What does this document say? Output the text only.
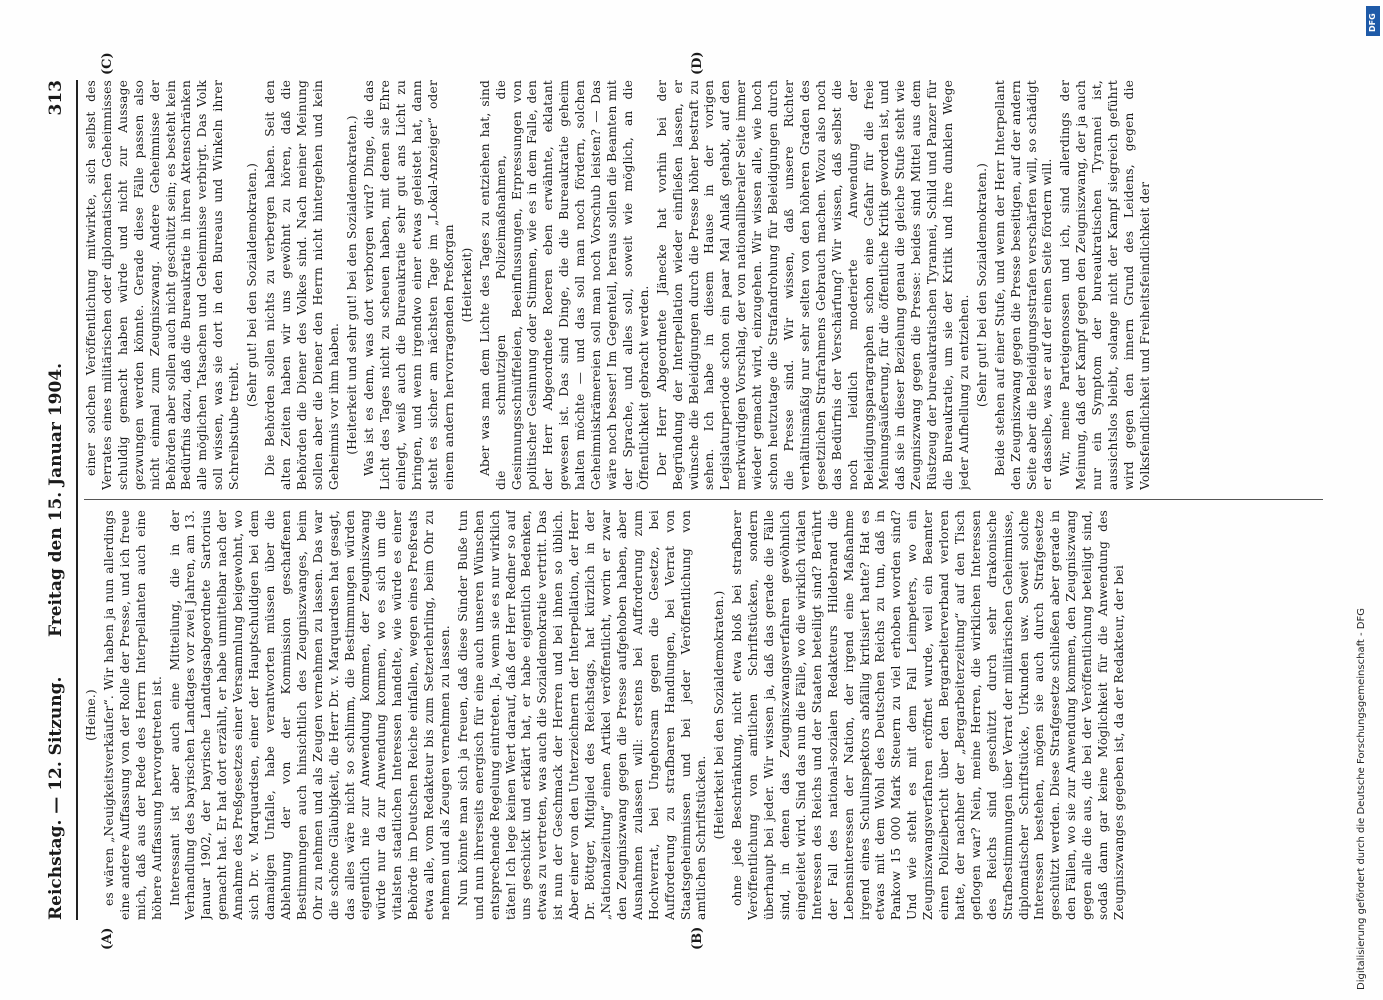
Reichstag. — 12. Sitzung.
Freitag den 15. Januar 1904.
313
(A)	(B)
(C)	(D)

(Heine.) es wären „Neuigkeitsverkäufer“. Wir haben ja nun allerdings eine andere Auffassung von der Rolle der Presse, und ich freue mich, daß aus der Rede des Herrn Interpellanten auch eine höhere Auffassung hervorgetreten ist. Interessant ist aber auch eine Mitteilung, die in der Verhandlung des bayrischen Landtages vor zwei Jahren, am 13. Januar 1902, der bayrische Landtagsabgeordnete Sartorius gemacht hat. Er hat dort erzählt, er habe unmittelbar nach der Annahme des Preßgesetzes einer Versammlung beigewohnt, wo sich Dr. v. Marquardsen, einer der Hauptschuldigen bei dem damaligen Unfalle, habe verantworten müssen über die Ablehnung der von der Kommission geschaffenen Bestimmungen auch hinsichtlich des Zeugniszwanges, beim Ohr zu nehmen und als Zeugen vernehmen zu lassen. Das war die schöne Gläubigkeit, die Herr Dr. v. Marquardsen hat gesagt, das alles wäre nicht so schlimm, die Bestimmungen würden eigentlich nie zur Anwendung kommen, der Zeugniszwang würde nur da zur Anwendung kommen, wo es sich um die vitalsten staatlichen Interessen handelte, wie würde es einer Behörde im Deutschen Reiche einfallen, wegen eines Preßreats etwa alle, vom Redakteur bis zum Setzerlehrling, beim Ohr zu nehmen und als Zeugen vernehmen zu lassen. Nun könnte man sich ja freuen, daß diese Sünder Buße tun und nun ihrerseits energisch für eine auch unseren Wünschen entsprechende Regelung eintreten. Ja, wenn sie es nur wirklich täten! Ich lege keinen Wert darauf, daß der Herr Redner so auf uns geschickt und erklärt hat, er habe eigentlich Bedenken, etwas zu vertreten, was auch die Sozialdemokratie vertritt. Das ist nun der Geschmack der Herren und bei ihnen so üblich. Aber einer von den Unterzeichnern der Interpellation, der Herr Dr. Böttger, Mitglied des Reichstags, hat kürzlich in der „Nationalzeitung“ einen Artikel veröffentlicht, worin er zwar den Zeugniszwang gegen die Presse aufgehoben haben, aber Ausnahmen zulassen will: erstens bei Aufforderung zum Hochverrat, bei Ungehorsam gegen die Gesetze, bei Aufforderung zu strafbaren Handlungen, bei Verrat von Staatsgeheimnissen und bei jeder Veröffentlichung von amtlichen Schriftstücken. (Heiterkeit bei den Sozialdemokraten.) ohne jede Beschränkung, nicht etwa bloß bei strafbarer Veröffentlichung von amtlichen Schriftstücken, sondern überhaupt bei jeder. Wir wissen ja, daß das gerade die Fälle sind, in denen das Zeugniszwangsverfahren gewöhnlich eingeleitet wird. Sind das nun die Fälle, wo die wirklich vitalen Interessen des Reichs und der Staaten beteiligt sind? Berührt der Fall des national-sozialen Redakteurs Hildebrand die Lebensinteressen der Nation, der irgend eine Maßnahme irgend eines Schulinspektors abfällig kritisiert hatte? Hat es etwas mit dem Wohl des Deutschen Reichs zu tun, daß in Pankow 15 000 Mark Steuern zu viel erhoben worden sind? Und wie steht es mit dem Fall Leimpeters, wo ein Zeugniszwangsverfahren eröffnet wurde, weil ein Beamter einen Polizeibericht über den Bergarbeiterverband verloren hatte, der nachher der „Bergarbeiterzeitung“ auf den Tisch geflogen war? Nein, meine Herren, die wirklichen Interessen des Reichs sind geschützt durch sehr drakonische Strafbestimmungen über Verrat der militärischen Geheimnisse, diplomatischer Schriftstücke, Urkunden usw. Soweit solche Interessen bestehen, mögen sie auch durch Strafgesetze geschützt werden. Diese Strafgesetze schließen aber gerade in den Fällen, wo sie zur Anwendung kommen, den Zeugniszwang gegen alle die aus, die bei der Veröffentlichung beteiligt sind, sodaß dann gar keine Möglichkeit für die Anwendung des Zeugniszwanges gegeben ist, da der Redakteur, der bei

einer solchen Veröffentlichung mitwirkte, sich selbst des Verrates eines militärischen oder diplomatischen Geheimnisses schuldig gemacht haben würde und nicht zur Aussage gezwungen werden könnte. Gerade diese Fälle passen also nicht einmal zum Zeugniszwang. Andere Geheimnisse der Behörden aber sollen auch nicht geschützt sein; es besteht kein Bedürfnis dazu, daß die Bureaukratie in ihren Aktenschränken alle möglichen Tatsachen und Geheimnisse verbirgt. Das Volk soll wissen, was sie dort in den Bureaus und Winkeln ihrer Schreibstube treibt.

(Sehr gut! bei den Sozialdemokraten.) Die Behörden sollen nichts zu verbergen haben. Seit den alten Zeiten haben wir uns gewöhnt zu hören, daß die Behörden die Diener des Volkes sind. Nach meiner Meinung sollen aber die Diener den Herrn nicht hintergehen und kein Geheimnis vor ihm haben. (Heiterkeit und sehr gut! bei den Sozialdemokraten.) Was ist es denn, was dort verborgen wird? Dinge, die das Licht des Tages nicht zu scheuen haben, mit denen sie Ehre einlegt, weiß auch die Bureaukratie sehr gut ans Licht zu bringen, und wenn irgendwo einer etwas geleistet hat, dann steht es sicher am nächsten Tage im „Lokal-Anzeiger“ oder einem andern hervorragenden Preßorgan (Heiterkeit) Aber was man dem Lichte des Tages zu entziehen hat, sind die schmutzigen Polizeimaßnahmen, die Gesinnungsschnüffeleien, Beeinflussungen, Erpressungen von politischer Gesinnung oder Stimmen, wie es in dem Falle, den der Herr Abgeordnete Roeren eben erwähnte, eklatant gewesen ist. Das sind Dinge, die die Bureaukratie geheim halten möchte — und das soll man noch fördern, solchen Geheimniskrämereien soll man noch Vorschub leisten? — Das wäre noch besser! Im Gegenteil, heraus sollen die Beamten mit der Sprache, und alles soll, soweit wie möglich, an die Öffentlichkeit gebracht werden. Der Herr Abgeordnete Jänecke hat vorhin bei der Begründung der Interpellation wieder einfließen lassen, er wünsche die Beleidigungen durch die Presse höher bestraft zu sehen. Ich habe in diesem Hause in der vorigen Legislaturperiode schon ein paar Mal Anlaß gehabt, auf den merkwürdigen Vorschlag, der von nationalliberaler Seite immer wieder gemacht wird, einzugehen. Wir wissen alle, wie hoch schon heutzutage die Strafandrohung für Beleidigungen durch die Presse sind. Wir wissen, daß unsere Richter verhältnismäßig nur sehr selten von den höheren Graden des gesetzlichen Strafrahmens Gebrauch machen. Wozu also noch das Bedürfnis der Verschärfung? Wir wissen, daß selbst die noch leidlich moderierte Anwendung der Beleidigungsparagraphen schon eine Gefahr für die freie Meinungsäußerung, für die öffentliche Kritik geworden ist, und daß sie in dieser Beziehung genau die gleiche Stufe steht wie Zeugniszwang gegen die Presse: beides sind Mittel aus dem Rüstzeug der bureaukratischen Tyrannei, Schild und Panzer für die Bureaukratie, um sie der Kritik und ihre dunklen Wege jeder Aufhellung zu entziehen. (Sehr gut! bei den Sozialdemokraten.) Beide stehen auf einer Stufe, und wenn der Herr Interpellant den Zeugniszwang gegen die Presse beseitigen, auf der andern Seite aber die Beleidigungsstrafen verschärfen will, so schädigt er dasselbe, was er auf der einen Seite fördern will. Wir, meine Parteigenossen und ich, sind allerdings der Meinung, daß der Kampf gegen den Zeugniszwang, der ja auch nur ein Symptom der bureaukratischen Tyrannei ist, aussichtslos bleibt, solange nicht der Kampf siegreich geführt wird gegen den innern Grund des Leidens, gegen die Volksfeindlichkeit und Freiheitsfeindlichkeit der

Digitalisierung gefördert durch die Deutsche Forschungsgemeinschaft - DFG
DFG
